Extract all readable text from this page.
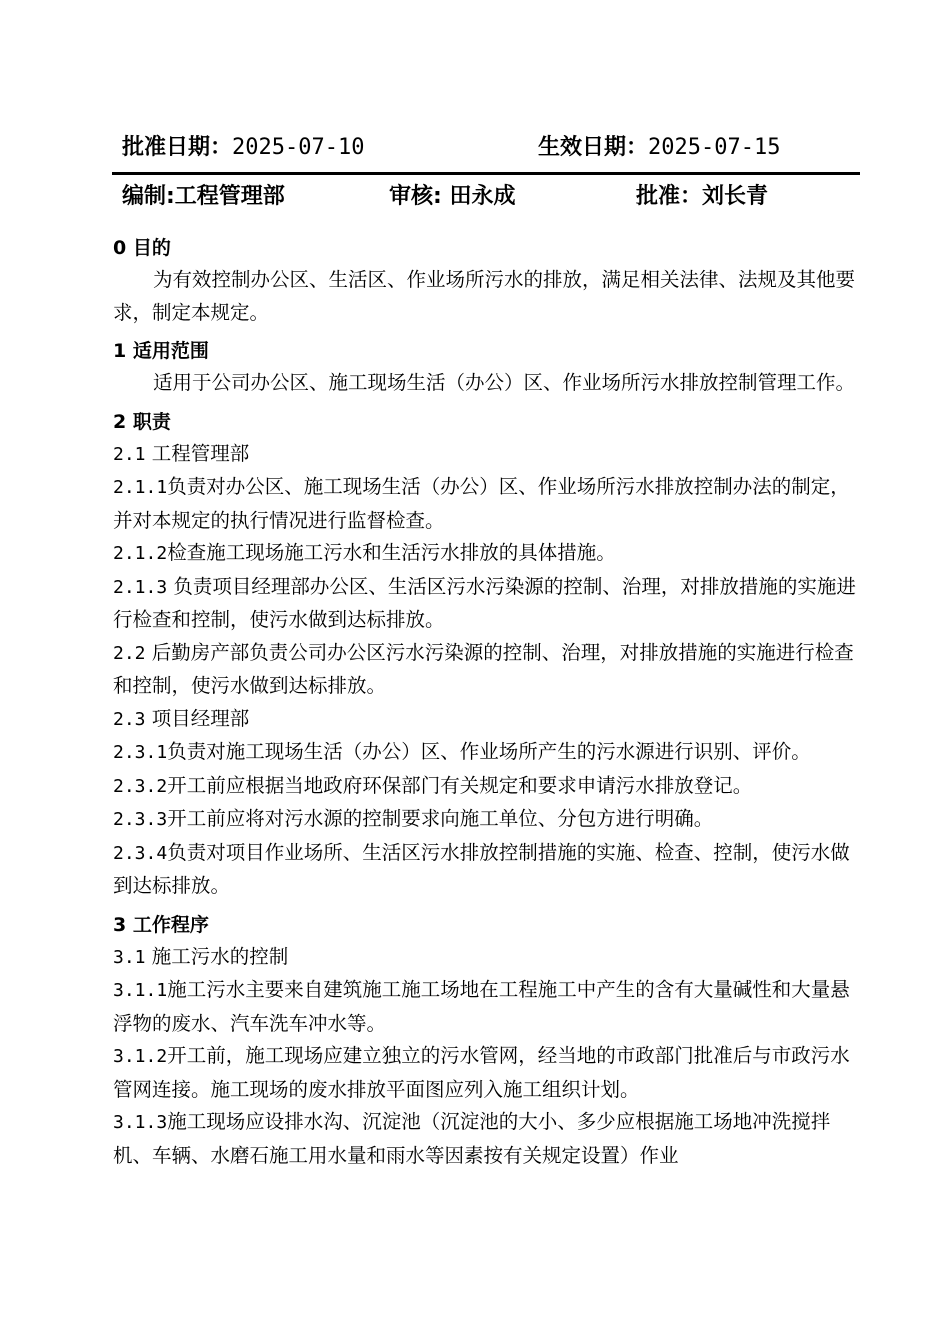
批准日期：2025-07-10	生效日期：2025-07-15
编制:工程管理部	审核: 田永成	批准：刘长青
0 目的

为有效控制办公区、生活区、作业场所污水的排放，满足相关法律、法规及其他要求，制定本规定。

1 适用范围

适用于公司办公区、施工现场生活（办公）区、作业场所污水排放控制管理工作。

2 职责

2.1 工程管理部

2.1.1负责对办公区、施工现场生活（办公）区、作业场所污水排放控制办法的制定，并对本规定的执行情况进行监督检查。

2.1.2检查施工现场施工污水和生活污水排放的具体措施。

2.1.3 负责项目经理部办公区、生活区污水污染源的控制、治理，对排放措施的实施进行检查和控制，使污水做到达标排放。

2.2 后勤房产部负责公司办公区污水污染源的控制、治理，对排放措施的实施进行检查和控制，使污水做到达标排放。

2.3 项目经理部

2.3.1负责对施工现场生活（办公）区、作业场所产生的污水源进行识别、评价。

2.3.2开工前应根据当地政府环保部门有关规定和要求申请污水排放登记。

2.3.3开工前应将对污水源的控制要求向施工单位、分包方进行明确。

2.3.4负责对项目作业场所、生活区污水排放控制措施的实施、检查、控制，使污水做到达标排放。

3 工作程序

3.1 施工污水的控制

3.1.1施工污水主要来自建筑施工施工场地在工程施工中产生的含有大量碱性和大量悬浮物的废水、汽车洗车冲水等。

3.1.2开工前，施工现场应建立独立的污水管网，经当地的市政部门批准后与市政污水管网连接。施工现场的废水排放平面图应列入施工组织计划。

3.1.3施工现场应设排水沟、沉淀池（沉淀池的大小、多少应根据施工场地冲洗搅拌机、车辆、水磨石施工用水量和雨水等因素按有关规定设置）作业
